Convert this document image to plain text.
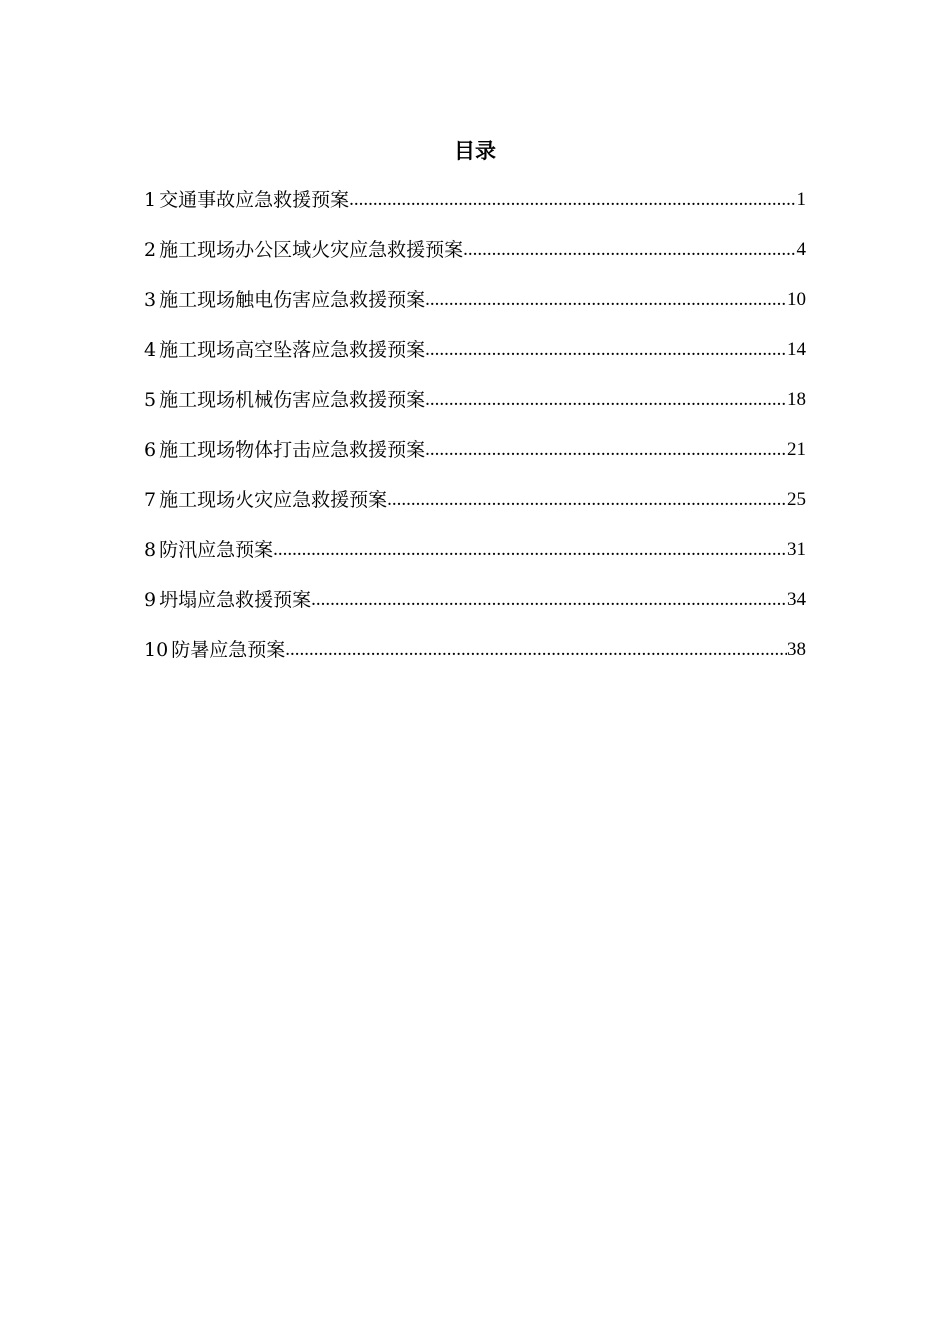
目录
1 交通事故应急救援预案 .....	1
2 施工现场办公区域火灾应急救援预案 .....	4
3 施工现场触电伤害应急救援预案 .....	10
4 施工现场高空坠落应急救援预案 .....	14
5 施工现场机械伤害应急救援预案 .....	18
6 施工现场物体打击应急救援预案 .....	21
7 施工现场火灾应急救援预案 .....	25
8 防汛应急预案 .....	31
9 坍塌应急救援预案 .....	34
10 防暑应急预案 .....	38
